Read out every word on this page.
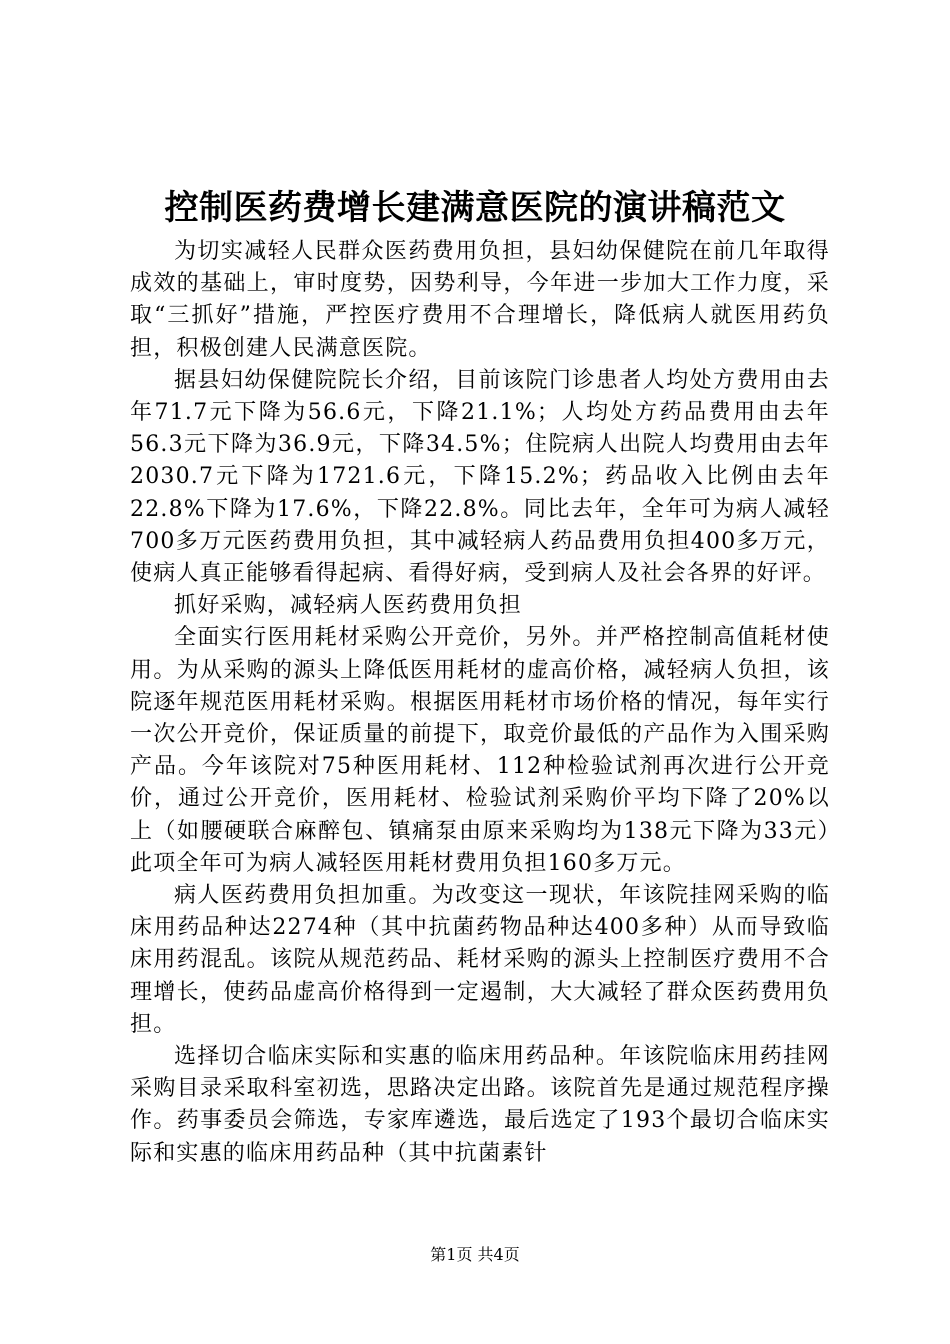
控制医药费增长建满意医院的演讲稿范文

为切实减轻人民群众医药费用负担，县妇幼保健院在前几年取得成效的基础上，审时度势，因势利导，今年进一步加大工作力度，采取“三抓好”措施，严控医疗费用不合理增长，降低病人就医用药负担，积极创建人民满意医院。

据县妇幼保健院院长介绍，目前该院门诊患者人均处方费用由去年71.7元下降为56.6元，下降21.1%；人均处方药品费用由去年56.3元下降为36.9元，下降34.5%；住院病人出院人均费用由去年2030.7元下降为1721.6元，下降15.2%；药品收入比例由去年22.8%下降为17.6%，下降22.8%。同比去年，全年可为病人减轻700多万元医药费用负担，其中减轻病人药品费用负担400多万元，使病人真正能够看得起病、看得好病，受到病人及社会各界的好评。

抓好采购，减轻病人医药费用负担

全面实行医用耗材采购公开竞价，另外。并严格控制高值耗材使用。为从采购的源头上降低医用耗材的虚高价格，减轻病人负担，该院逐年规范医用耗材采购。根据医用耗材市场价格的情况，每年实行一次公开竞价，保证质量的前提下，取竞价最低的产品作为入围采购产品。今年该院对75种医用耗材、112种检验试剂再次进行公开竞价，通过公开竞价，医用耗材、检验试剂采购价平均下降了20%以上（如腰硬联合麻醉包、镇痛泵由原来采购均为138元下降为33元）此项全年可为病人减轻医用耗材费用负担160多万元。

病人医药费用负担加重。为改变这一现状，年该院挂网采购的临床用药品种达2274种（其中抗菌药物品种达400多种）从而导致临床用药混乱。该院从规范药品、耗材采购的源头上控制医疗费用不合理增长，使药品虚高价格得到一定遏制，大大减轻了群众医药费用负担。

选择切合临床实际和实惠的临床用药品种。年该院临床用药挂网采购目录采取科室初选，思路决定出路。该院首先是通过规范程序操作。药事委员会筛选，专家库遴选，最后选定了193个最切合临床实际和实惠的临床用药品种（其中抗菌素针

第1页 共4页
